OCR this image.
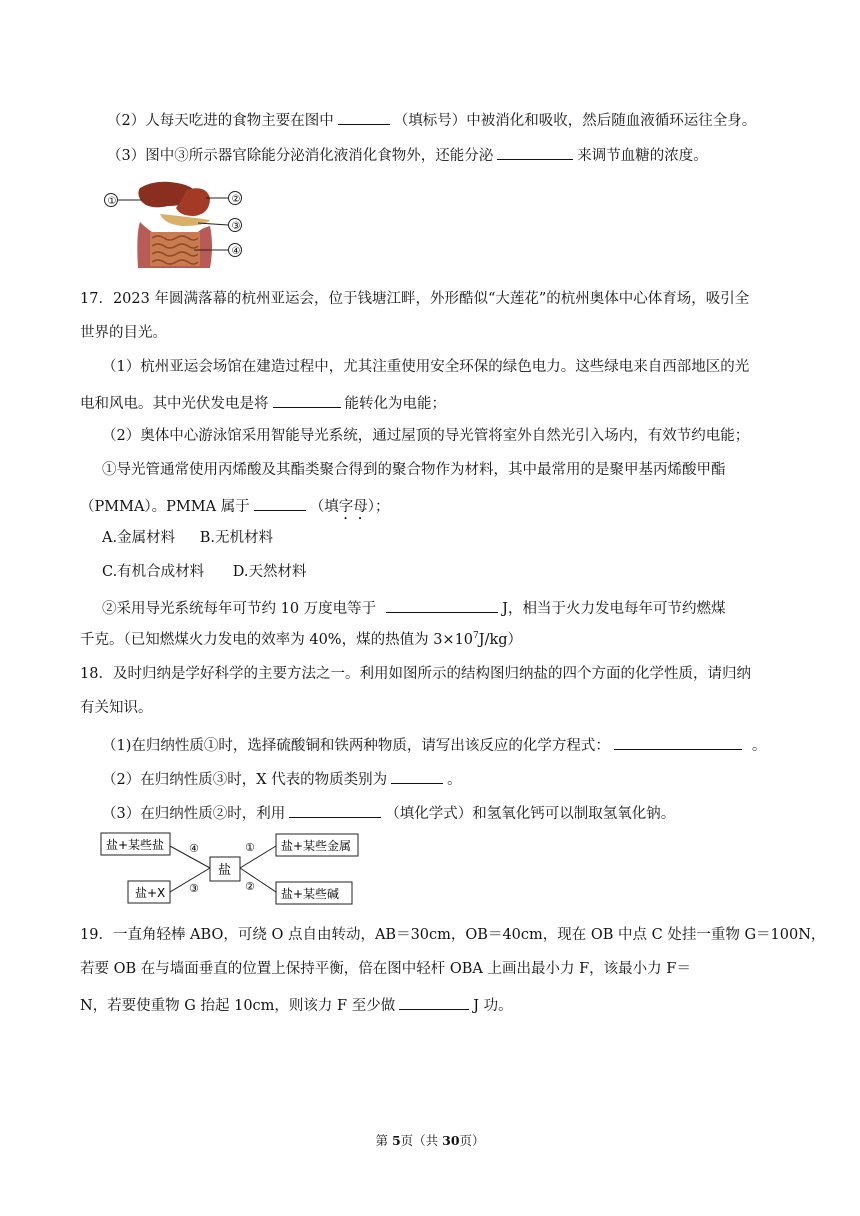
（2）人每天吃进的食物主要在图中	（填标号）中被消化和吸收，然后随血液循环运往全身。
（3）图中③所示器官除能分泌消化液消化食物外，还能分泌	来调节血糖的浓度。
①	②
③
④
17．2023 年圆满落幕的杭州亚运会，位于钱塘江畔，外形酷似“大莲花”的杭州奥体中心体育场，吸引全
世界的目光。
（1）杭州亚运会场馆在建造过程中，尤其注重使用安全环保的绿色电力。这些绿电来自西部地区的光
电和风电。其中光伏发电是将	能转化为电能；
（2）奥体中心游泳馆采用智能导光系统，通过屋顶的导光管将室外自然光引入场内，有效节约电能；
①导光管通常使用丙烯酸及其酯类聚合得到的聚合物作为材料，其中最常用的是聚甲基丙烯酸甲酯
（PMMA）。PMMA 属于	（填字母）；
A.金属材料 B.无机材料
C.有机合成材料 D.天然材料
②采用导光系统每年可节约 10 万度电等于	J，相当于火力发电每年可节约燃煤
千克。（已知燃煤火力发电的效率为 40%，煤的热值为 $3\times 10^7J/kg$）
18．及时归纳是学好科学的主要方法之一。利用如图所示的结构图归纳盐的四个方面的化学性质，请归纳
有关知识。
（1)在归纳性质①时，选择硫酸铜和铁两种物质，请写出该反应的化学方程式：	。
（2）在归纳性质③时，X 代表的物质类别为	。
（3）在归纳性质②时，利用	（填化学式）和氢氧化钙可以制取氢氧化钠。
盐+某些盐
盐+X
盐
盐+某些金属
盐+某些碱
④
③
①
②
19．一直角轻棒 ABO，可绕 O 点自由转动，AB＝30cm，OB＝40cm，现在 OB 中点 C 处挂一重物 G＝100N，
若要 OB 在与墙面垂直的位置上保持平衡，倍在图中轻杆 OBA 上画出最小力 F，该最小力 F＝
N，若要使重物 G 抬起 10cm，则该力 F 至少做	J 功。
第 5页（共 30页）
